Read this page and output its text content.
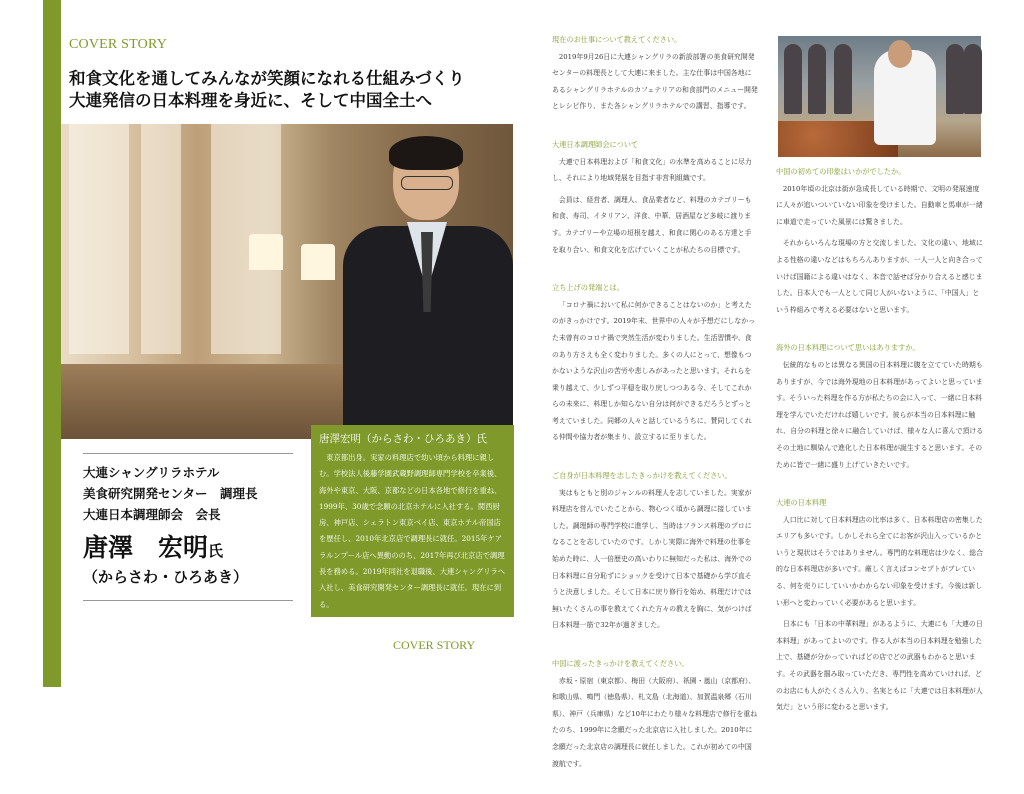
COVER STORY
和食文化を通してみんなが笑顔になれる仕組みづくり
大連発信の日本料理を身近に、そして中国全土へ
唐澤宏明（からさわ・ひろあき）氏
東京都出身。実家の料理店で幼い頃から料理に親しむ。学校法人後藤学園武蔵野調理師専門学校を卒業後、海外や東京、大阪、京都などの日本各地で修行を重ね、1999年、30歳で念願の北京ホテルに入社する。関西厨房、神戸店、シェラトン東京ベイ店、東京ホテル帝国店を歴任し、2010年北京店で調理長に就任。2015年ケアラルンプール店へ異動ののち、2017年再び北京店で調理長を務める。2019年同社を退職後、大連シャングリラへ入社し、美食研究開発センター調理長に就任。現在に到る。
大連シャングリラホテル
美食研究開発センター　調理長
大連日本調理師会　会長
唐澤　宏明氏
（からさわ・ひろあき）
COVER STORY
現在のお仕事について教えてください。

2019年9月26日に大連シャングリラの新設部署の美食研究開発センターの料理長として大連に来ました。主な仕事は中国各地にあるシャングリラホテルのカフェテリアの和食部門のメニュー開発とレシピ作り、また各シャングリラホテルでの講習、指導です。

大連日本調理師会について

大連で日本料理および「和食文化」の水準を高めることに尽力し、それにより地域発展を目指す非営利組織です。

会員は、経営者、調理人、食品業者など、料理のカテゴリーも和食、寿司、イタリアン、洋食、中華、居酒屋など多岐に渡ります。カテゴリーや立場の垣根を越え、和食に関心のある方達と手を取り合い、和食文化を広げていくことが私たちの目標です。

立ち上げの発端とは。

「コロナ禍において私に何かできることはないのか」と考えたのがきっかけです。2019年末、世界中の人々が予想だにしなかった未曾有のコロナ禍で突然生活が変わりました。生活習慣や、食のあり方さえも全く変わりました。多くの人にとって、想像もつかないような沢山の苦労や悲しみがあったと思います。それらを乗り越えて、少しずつ平穏を取り戻しつつある今、そしてこれからの未来に、料理しか知らない自分は何ができるだろうとずっと考えていました。同郷の人々と話しているうちに、賛同してくれる仲間や協力者が集まり、設立するに至りました。

ご自身が日本料理を志したきっかけを教えてください。

実はもともと別のジャンルの料理人を志していました。実家が料理店を営んでいたことから、物心つく頃から調理に接していました。調理師の専門学校に進学し、当時はフランス料理のプロになることを志していたのです。しかし実際に海外で料理の仕事を始めた時に、人一倍歴史の高いわりに無知だった私は、海外での日本料理に自分恥ずにショックを受けて日本で基礎から学び直そうと決意しました。そして日本に戻り修行を始め、料理だけでは無いたくさんの事を教えてくれた方々の教えを胸に、気がつけば日本料理一筋で32年が過ぎました。

中国に渡ったきっかけを教えてください。

赤坂・原宿（東京都）、梅田（大阪府）、祇園・嵐山（京都府）、和歌山県、鳴門（徳島県）、札文島（北海道）、加賀温泉郷（石川県）、神戸（兵庫県）など10年にわたり様々な料理店で修行を重ねたのち、1999年に念願だった北京店に入社しました。2010年に念願だった北京店の調理長に就任しました。これが初めての中国渡航です。

中国の初めての印象はいかがでしたか。

2010年頃の北京は街が急成長している時期で、文明の発展速度に人々が追いついていない印象を受けました。自動車と馬車が一緒に車道で走っていた風景には驚きました。

それからいろんな現場の方と交流しました。文化の違い、地域による性格の違いなどはもちろんありますが、一人一人と向き合っていけば国籍による違いはなく、本音で話せば分かり合えると感じました。日本人でも一人として同じ人がいないように、「中国人」という枠組みで考える必要はないと思います。

海外の日本料理について思いはありますか。

伝統的なものとは異なる異国の日本料理に腹を立てていた時期もありますが、今では海外現地の日本料理があってよいと思っています。そういった料理を作る方が私たちの会に入って、一緒に日本料理を学んでいただければ嬉しいです。彼らが本当の日本料理に触れ、自分の料理と徐々に融合していけば、様々な人に喜んで頂けるその土地に馴染んで進化した日本料理が誕生すると思います。そのために皆で一緒に盛り上げていきたいです。

大連の日本料理

人口比に対して日本料理店の比率は多く、日本料理店の密集したエリアも多いです。しかしそれら全てにお客が沢山入っているかというと現状はそうではありません。専門的な料理店は少なく、総合的な日本料理店が多いです。厳しく言えばコンセプトがブレている、何を売りにしていいかわからない印象を受けます。今後は新しい形へと変わっていく必要があると思います。

日本にも「日本の中華料理」があるように、大連にも「大連の日本料理」があってよいのです。作る人が本当の日本料理を勉強した上で、基礎が分かっていればどの店でどの武器もわかると思います。その武器を掴み取っていただき、専門性を高めていければ、どのお店にも人がたくさん入り、名実ともに「大連では日本料理が人気だ」という形に変わると思います。
